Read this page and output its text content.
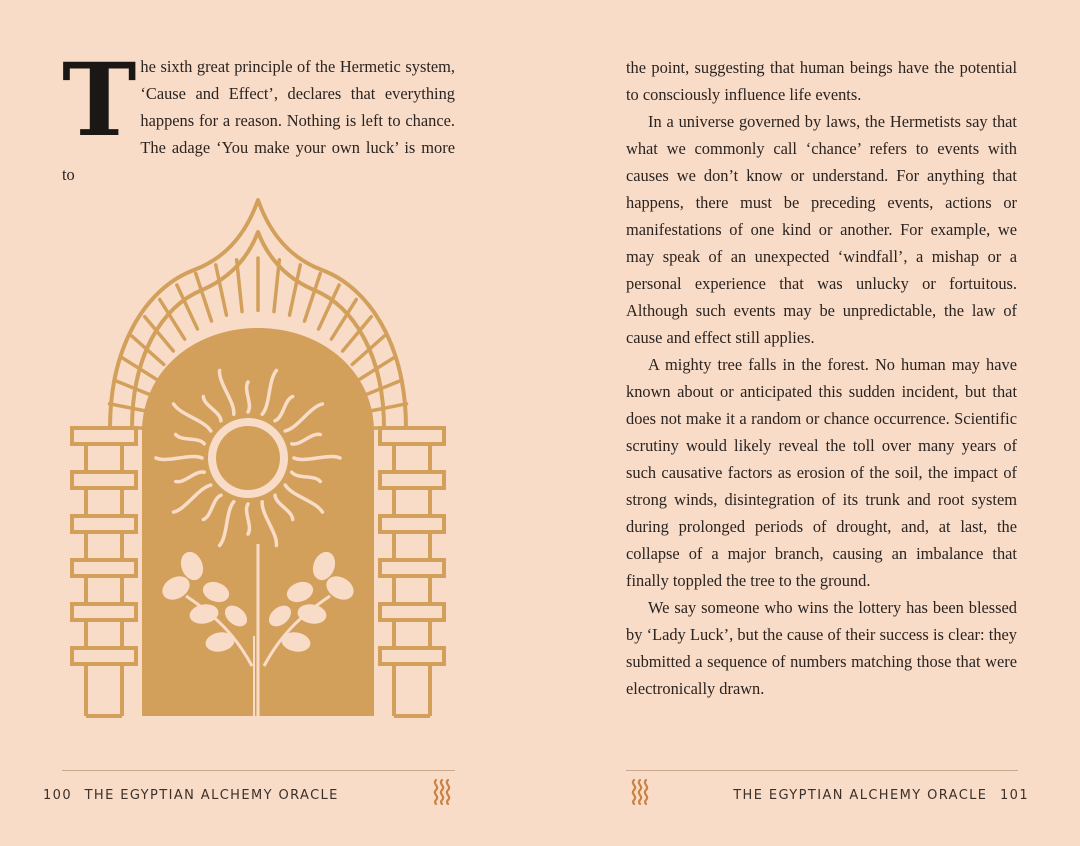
The sixth great principle of the Hermetic system, ‘Cause and Effect’, declares that everything happens for a reason. Nothing is left to chance. The adage ‘You make your own luck’ is more to

100 THE EGYPTIAN ALCHEMY ORACLE

the point, suggesting that human beings have the potential to consciously influence life events.

In a universe governed by laws, the Hermetists say that what we commonly call ‘chance’ refers to events with causes we don’t know or understand. For anything that happens, there must be preceding events, actions or manifestations of one kind or another. For example, we may speak of an unexpected ‘windfall’, a mishap or a personal experience that was unlucky or fortuitous. Although such events may be unpredictable, the law of cause and effect still applies.

A mighty tree falls in the forest. No human may have known about or anticipated this sudden incident, but that does not make it a random or chance occurrence. Scientific scrutiny would likely reveal the toll over many years of such causative factors as erosion of the soil, the impact of strong winds, disintegration of its trunk and root system during prolonged periods of drought, and, at last, the collapse of a major branch, causing an imbalance that finally toppled the tree to the ground.

We say someone who wins the lottery has been blessed by ‘Lady Luck’, but the cause of their success is clear: they submitted a sequence of numbers matching those that were electronically drawn.

THE EGYPTIAN ALCHEMY ORACLE 101
